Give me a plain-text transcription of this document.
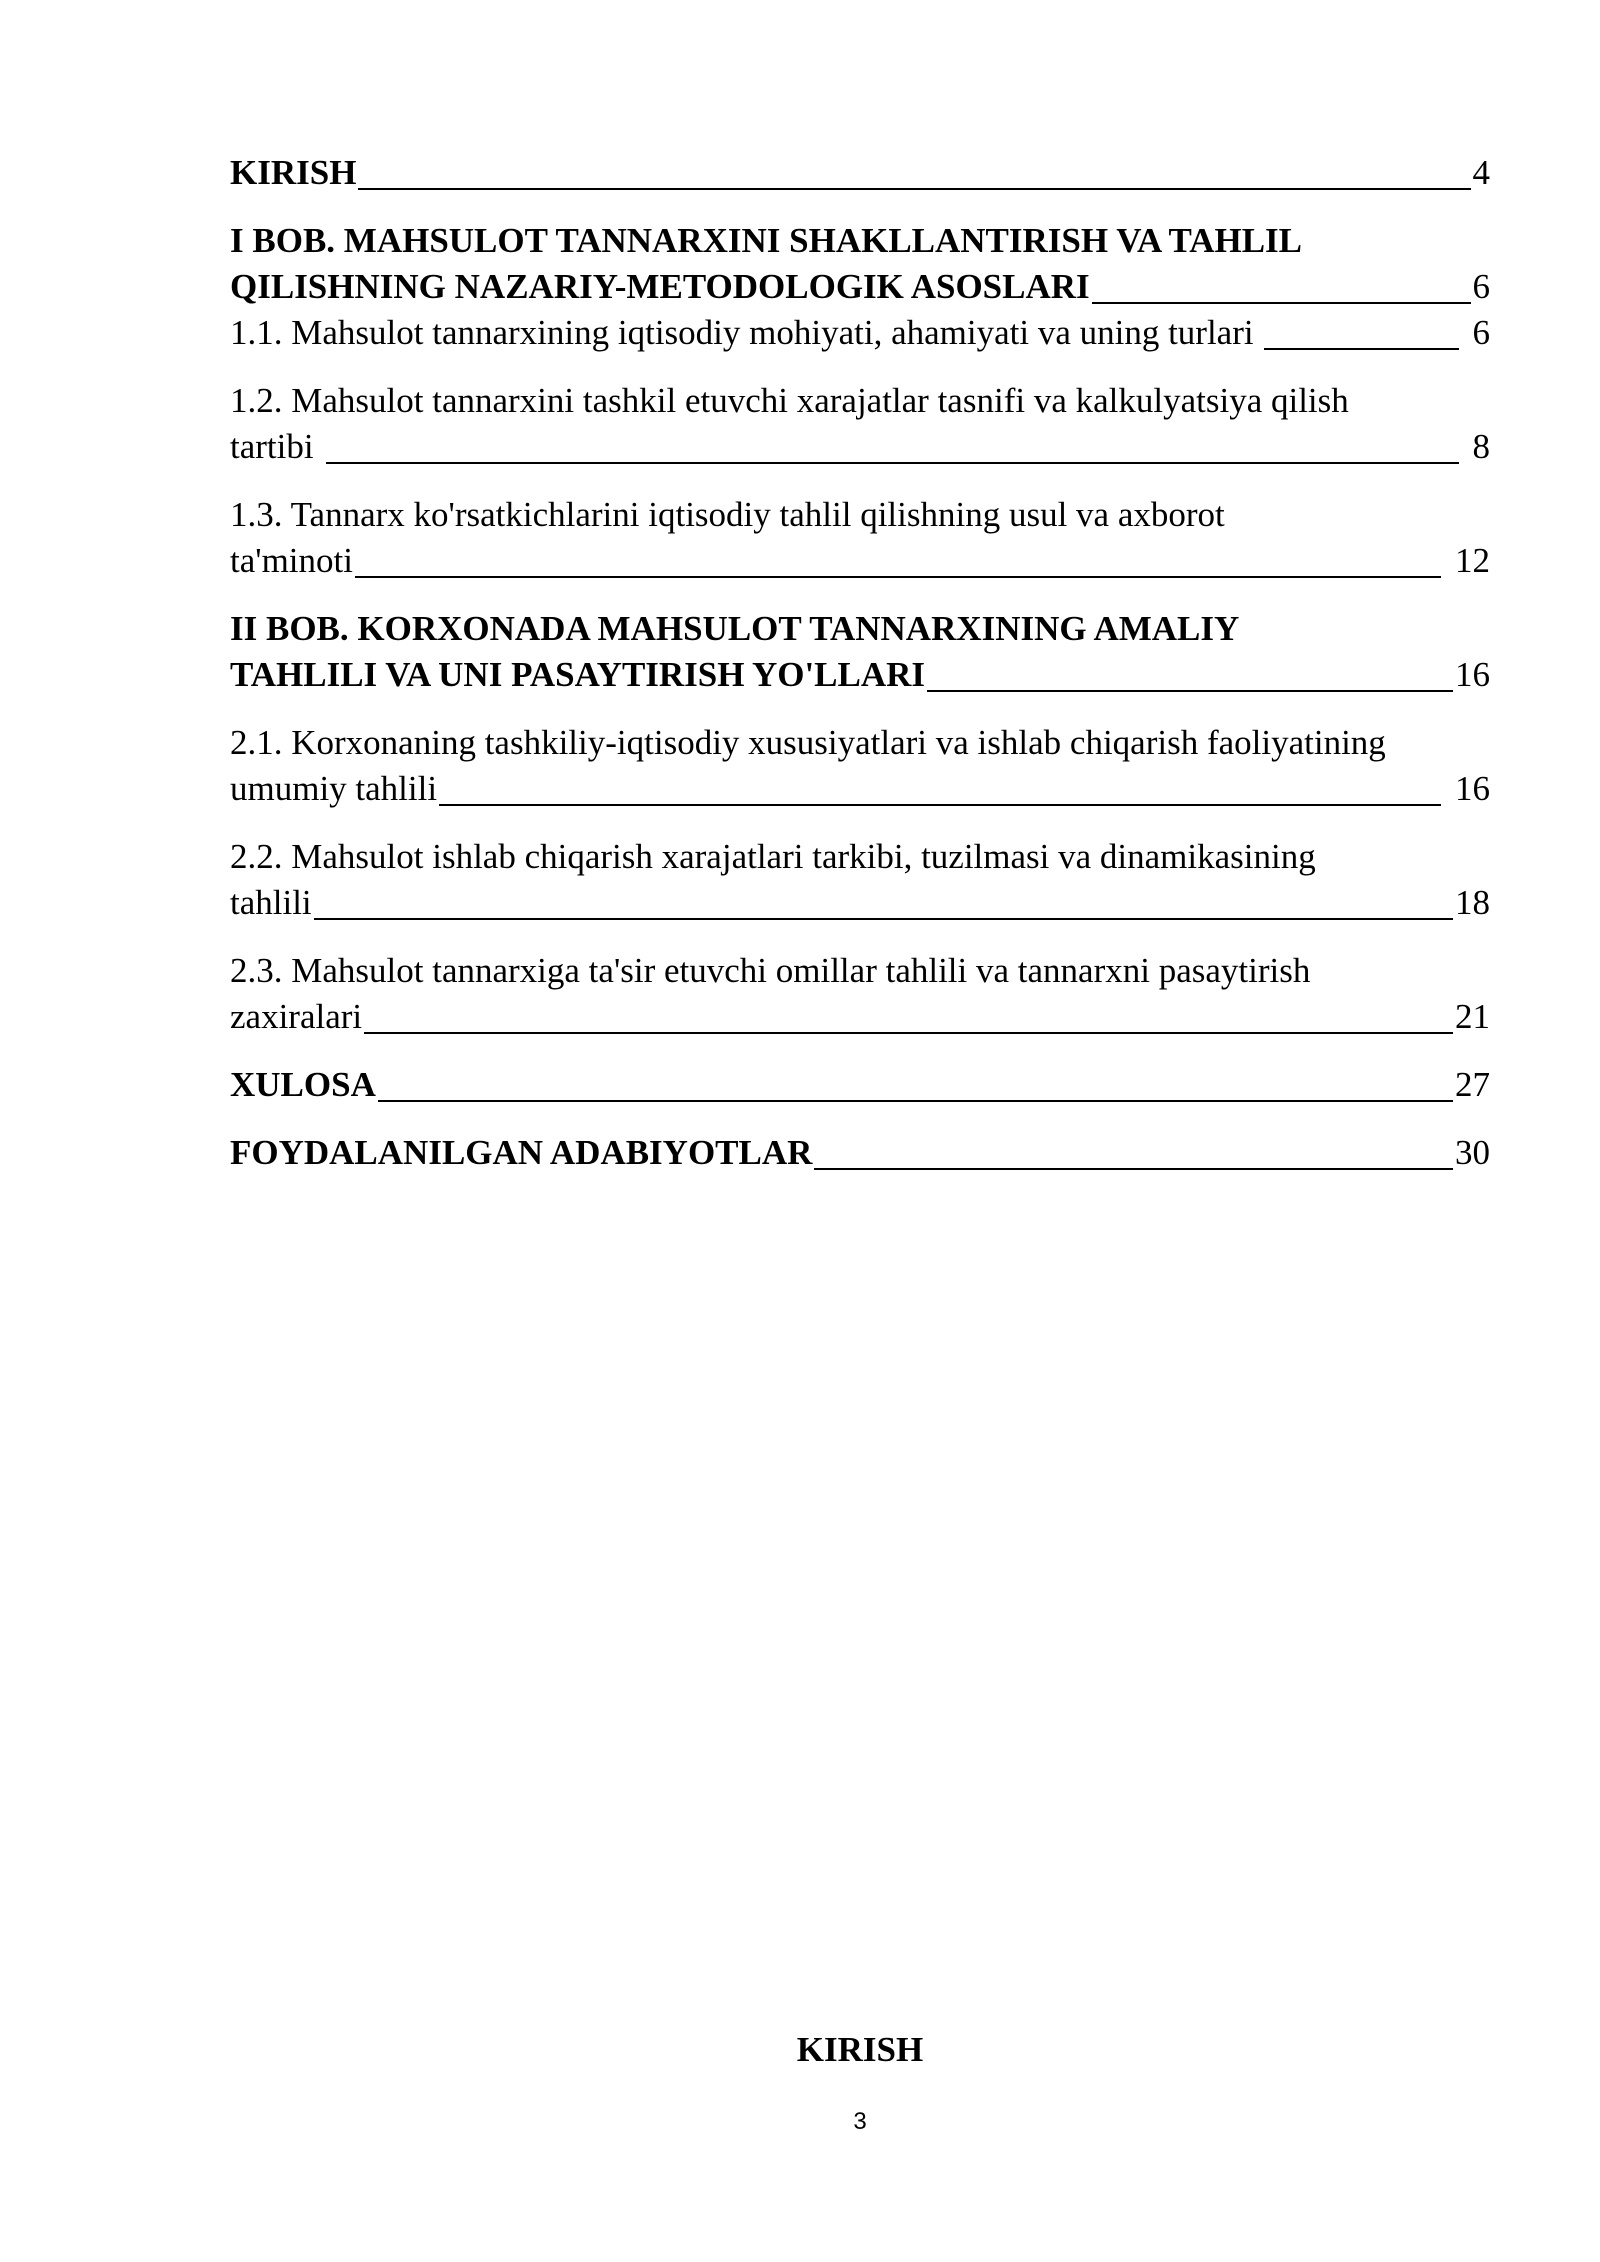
KIRISH	4
I BOB. MAHSULOT TANNARXINI SHAKLLANTIRISH VA TAHLIL
QILISHNING NAZARIY-METODOLOGIK ASOSLARI	6
1.1. Mahsulot tannarxining iqtisodiy mohiyati, ahamiyati va uning turlari	6
1.2. Mahsulot tannarxini tashkil etuvchi xarajatlar tasnifi va kalkulyatsiya qilish
tartibi	8
1.3. Tannarx ko'rsatkichlarini iqtisodiy tahlil qilishning usul va axborot
ta'minoti	12
II BOB. KORXONADA MAHSULOT TANNARXINING AMALIY
TAHLILI VA UNI PASAYTIRISH YO'LLARI	16
2.1. Korxonaning tashkiliy-iqtisodiy xususiyatlari va ishlab chiqarish faoliyatining
umumiy tahlili	16
2.2. Mahsulot ishlab chiqarish xarajatlari tarkibi, tuzilmasi va dinamikasining
tahlili	18
2.3. Mahsulot tannarxiga ta'sir etuvchi omillar tahlili va tannarxni pasaytirish
zaxiralari	21
XULOSA	27
FOYDALANILGAN ADABIYOTLAR	30
KIRISH
3
